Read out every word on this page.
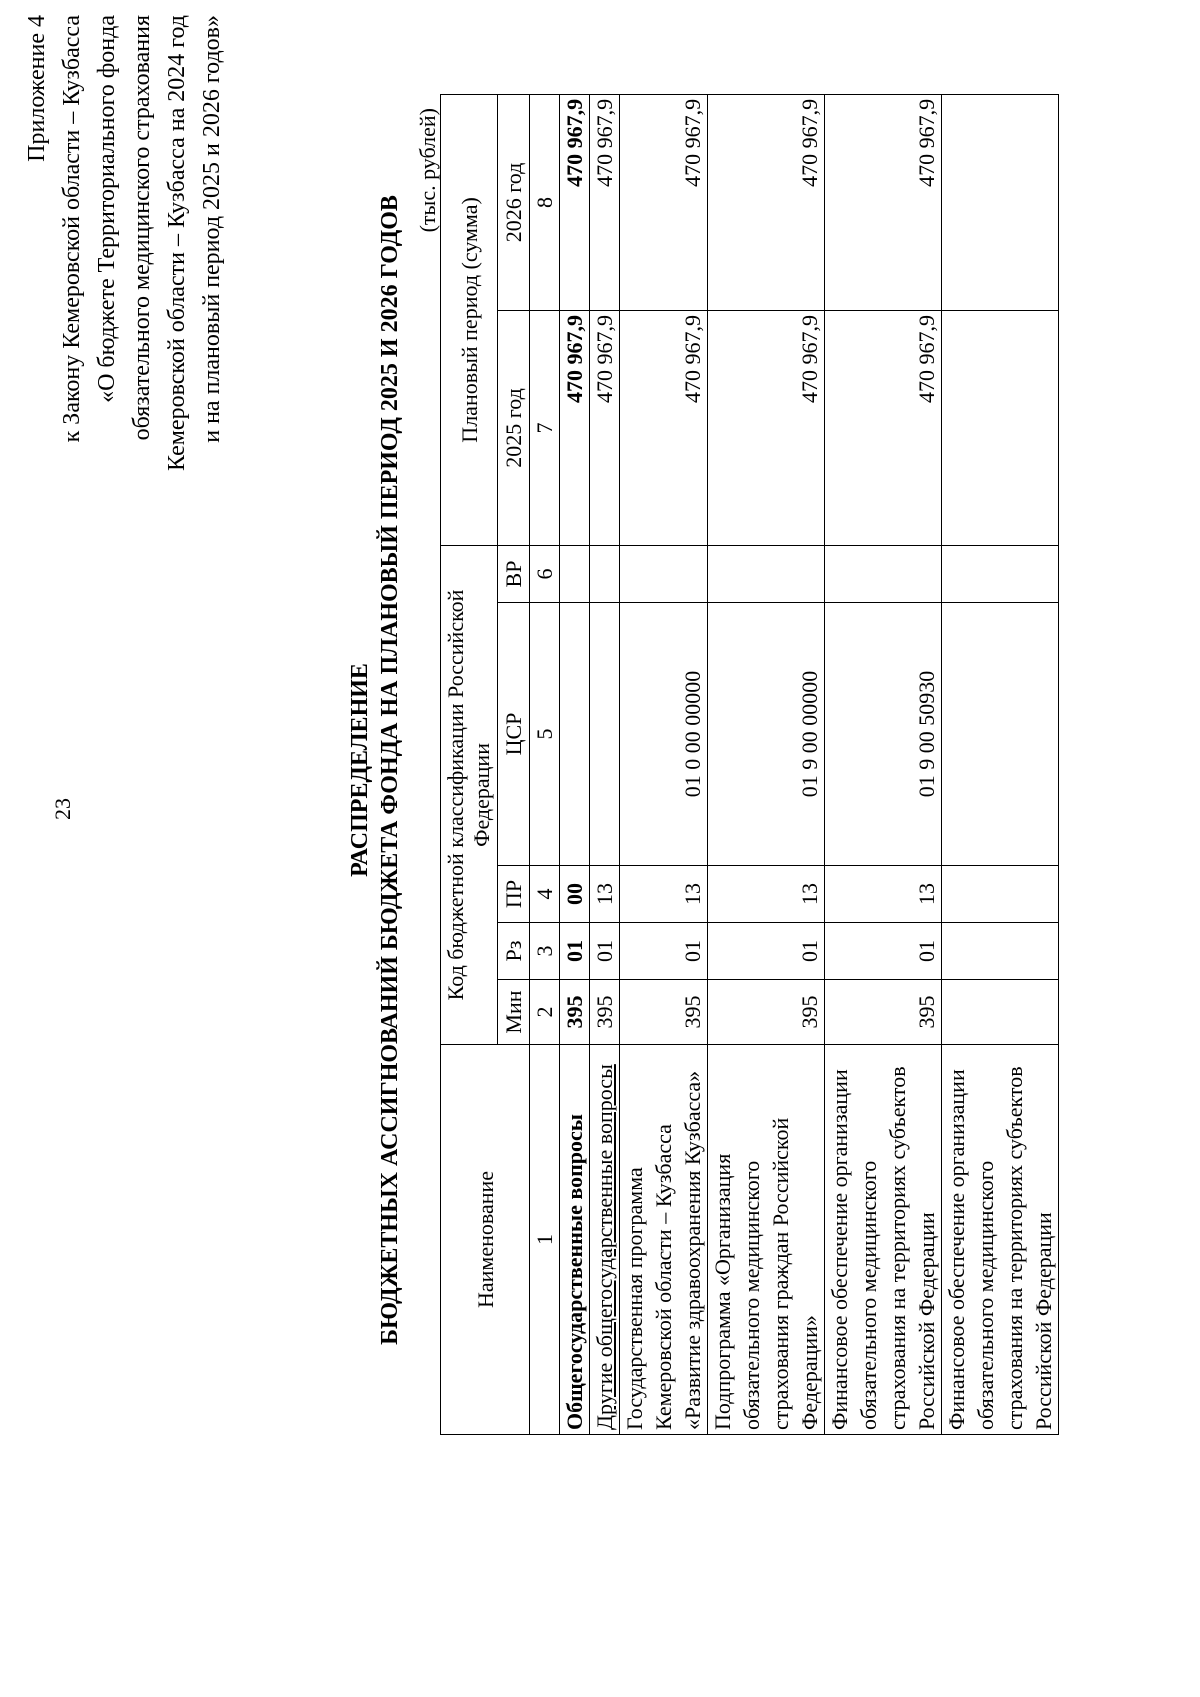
23
Приложение 4 к Закону Кемеровской области – Кузбасса «О бюджете Территориального фонда обязательного медицинского страхования Кемеровской области – Кузбасса на 2024 год и на плановый период 2025 и 2026 годов»
РАСПРЕДЕЛЕНИЕ БЮДЖЕТНЫХ АССИГНОВАНИЙ БЮДЖЕТА ФОНДА НА ПЛАНОВЫЙ ПЕРИОД 2025 И 2026 ГОДОВ
(тыс. рублей)
Наименование	Код бюджетной классификации Российской Федерации					Плановый период (сумма)	
	Мин	Рз	ПР	ЦСР	ВР	2025 год	2026 год
1	2	3	4	5	6	7	8
Общегосударственные вопросы	395	01	00			470 967,9	470 967,9
Другие общегосударственные вопросы	395	01	13			470 967,9	470 967,9
Государственная программа Кемеровской области – Кузбасса «Развитие здравоохранения Кузбасса»	395	01	13	01 0 00 00000		470 967,9	470 967,9
Подпрограмма «Организация обязательного медицинского страхования граждан Российской Федерации»	395	01	13	01 9 00 00000		470 967,9	470 967,9
Финансовое обеспечение организации обязательного медицинского страхования на территориях субъектов Российской Федерации	395	01	13	01 9 00 50930		470 967,9	470 967,9
Финансовое обеспечение организации обязательного медицинского страхования на территориях субъектов Российской Федерации							
